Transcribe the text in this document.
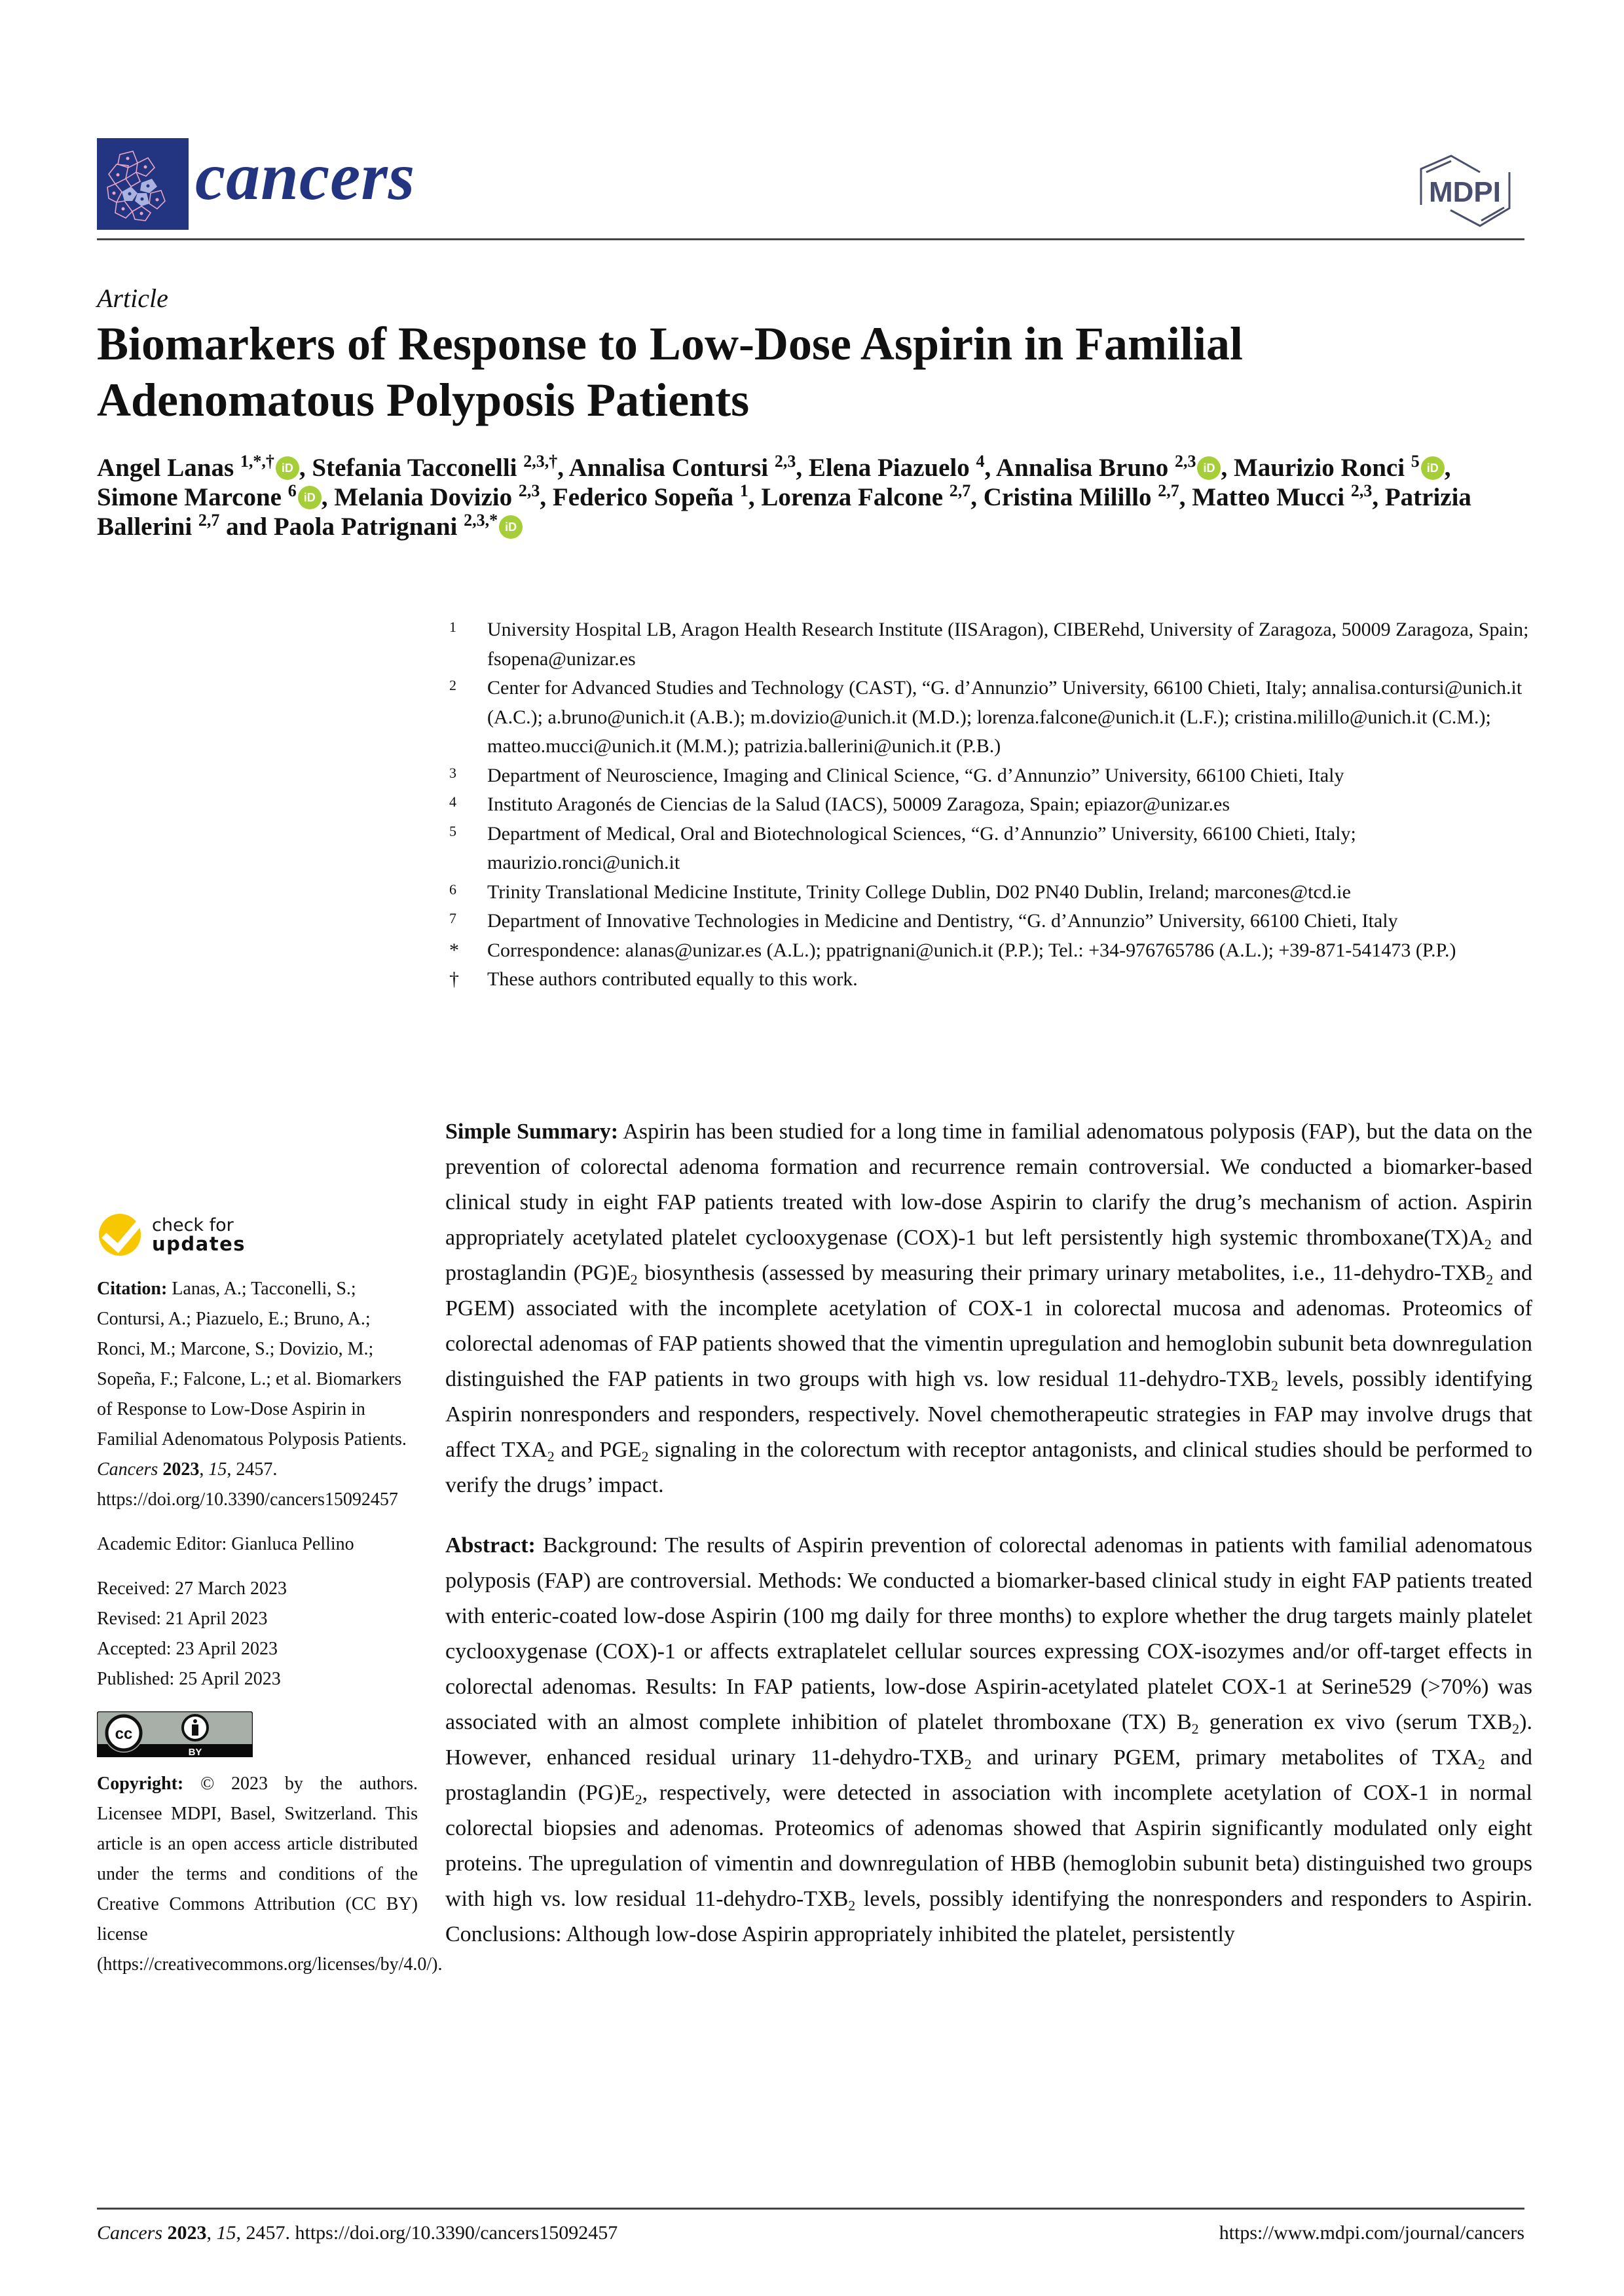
cancers	MDPI
Article
Biomarkers of Response to Low-Dose Aspirin in Familial Adenomatous Polyposis Patients
Angel Lanas $^{1,*,\dagger}$ iD , Stefania Tacconelli $^{2,3,\dagger}$, Annalisa Contursi $^{2,3}$, Elena Piazuelo $^4$, Annalisa Bruno $^{2,3}$ iD , Maurizio Ronci $^5$ iD , Simone Marcone $^6$ iD , Melania Dovizio $^{2,3}$, Federico Sopeña $^1$, Lorenza Falcone $^{2,7}$, Cristina Milillo $^{2,7}$, Matteo Mucci $^{2,3}$, Patrizia Ballerini $^{2,7}$ and Paola Patrignani $^{2,3,*}$ iD
1	University Hospital LB, Aragon Health Research Institute (IISAragon), CIBERehd, University of Zaragoza, 50009 Zaragoza, Spain; fsopena@unizar.es
2	Center for Advanced Studies and Technology (CAST), “G. d’Annunzio” University, 66100 Chieti, Italy; annalisa.contursi@unich.it (A.C.); a.bruno@unich.it (A.B.); m.dovizio@unich.it (M.D.); lorenza.falcone@unich.it (L.F.); cristina.milillo@unich.it (C.M.); matteo.mucci@unich.it (M.M.); patrizia.ballerini@unich.it (P.B.)
3	Department of Neuroscience, Imaging and Clinical Science, “G. d’Annunzio” University, 66100 Chieti, Italy
4	Instituto Aragonés de Ciencias de la Salud (IACS), 50009 Zaragoza, Spain; epiazor@unizar.es
5	Department of Medical, Oral and Biotechnological Sciences, “G. d’Annunzio” University, 66100 Chieti, Italy; maurizio.ronci@unich.it
6	Trinity Translational Medicine Institute, Trinity College Dublin, D02 PN40 Dublin, Ireland; marcones@tcd.ie
7	Department of Innovative Technologies in Medicine and Dentistry, “G. d’Annunzio” University, 66100 Chieti, Italy
*	Correspondence: alanas@unizar.es (A.L.); ppatrignani@unich.it (P.P.); Tel.: +34-976765786 (A.L.); +39-871-541473 (P.P.)
†	These authors contributed equally to this work.
check for
updates

Citation: Lanas, A.; Tacconelli, S.; Contursi, A.; Piazuelo, E.; Bruno, A.; Ronci, M.; Marcone, S.; Dovizio, M.; Sopeña, F.; Falcone, L.; et al. Biomarkers of Response to Low-Dose Aspirin in Familial Adenomatous Polyposis Patients. Cancers 2023, 15, 2457. https://doi.org/10.3390/cancers15092457

Academic Editor: Gianluca Pellino

Received: 27 March 2023

Revised: 21 April 2023

Accepted: 23 April 2023

Published: 25 April 2023

cc
BY

Copyright: © 2023 by the authors. Licensee MDPI, Basel, Switzerland. This article is an open access article distributed under the terms and conditions of the Creative Commons Attribution (CC BY) license (https://creativecommons.org/licenses/by/4.0/).

Simple Summary: Aspirin has been studied for a long time in familial adenomatous polyposis (FAP), but the data on the prevention of colorectal adenoma formation and recurrence remain controversial. We conducted a biomarker-based clinical study in eight FAP patients treated with low-dose Aspirin to clarify the drug’s mechanism of action. Aspirin appropriately acetylated platelet cyclooxygenase (COX)-1 but left persistently high systemic $thromboxane(TX)A_2$ and prostaglandin $(PG)E_2$ biosynthesis (assessed by measuring their primary urinary metabolites, i.e., $11-dehydro-TXB_2$ and PGEM) associated with the incomplete acetylation of COX-1 in colorectal mucosa and adenomas. Proteomics of colorectal adenomas of FAP patients showed that the vimentin upregulation and hemoglobin subunit beta downregulation distinguished the FAP patients in two groups with high vs. low residual $11-dehydro-TXB_2$ levels, possibly identifying Aspirin nonresponders and responders, respectively. Novel chemotherapeutic strategies in FAP may involve drugs that affect $TXA_2$ and $PGE_2$ signaling in the colorectum with receptor antagonists, and clinical studies should be performed to verify the drugs’ impact.

Abstract: Background: The results of Aspirin prevention of colorectal adenomas in patients with familial adenomatous polyposis (FAP) are controversial. Methods: We conducted a biomarker-based clinical study in eight FAP patients treated with enteric-coated low-dose Aspirin (100 mg daily for three months) to explore whether the drug targets mainly platelet cyclooxygenase (COX)-1 or affects extraplatelet cellular sources expressing COX-isozymes and/or off-target effects in colorectal adenomas. Results: In FAP patients, low-dose Aspirin-acetylated platelet COX-1 at Serine529 (>70%) was associated with an almost complete inhibition of platelet thromboxane (TX) $B_2$ generation ex vivo (serum $TXB_2$). However, enhanced residual urinary $11-dehydro-TXB_2$ and urinary PGEM, primary metabolites of $TXA_2$ and prostaglandin $(PG)E_2$, respectively, were detected in association with incomplete acetylation of COX-1 in normal colorectal biopsies and adenomas. Proteomics of adenomas showed that Aspirin significantly modulated only eight proteins. The upregulation of vimentin and downregulation of HBB (hemoglobin subunit beta) distinguished two groups with high vs. low residual $11-dehydro-TXB_2$ levels, possibly identifying the nonresponders and responders to Aspirin. Conclusions: Although low-dose Aspirin appropriately inhibited the platelet, persistently

Cancers 2023, 15, 2457. https://doi.org/10.3390/cancers15092457	https://www.mdpi.com/journal/cancers
